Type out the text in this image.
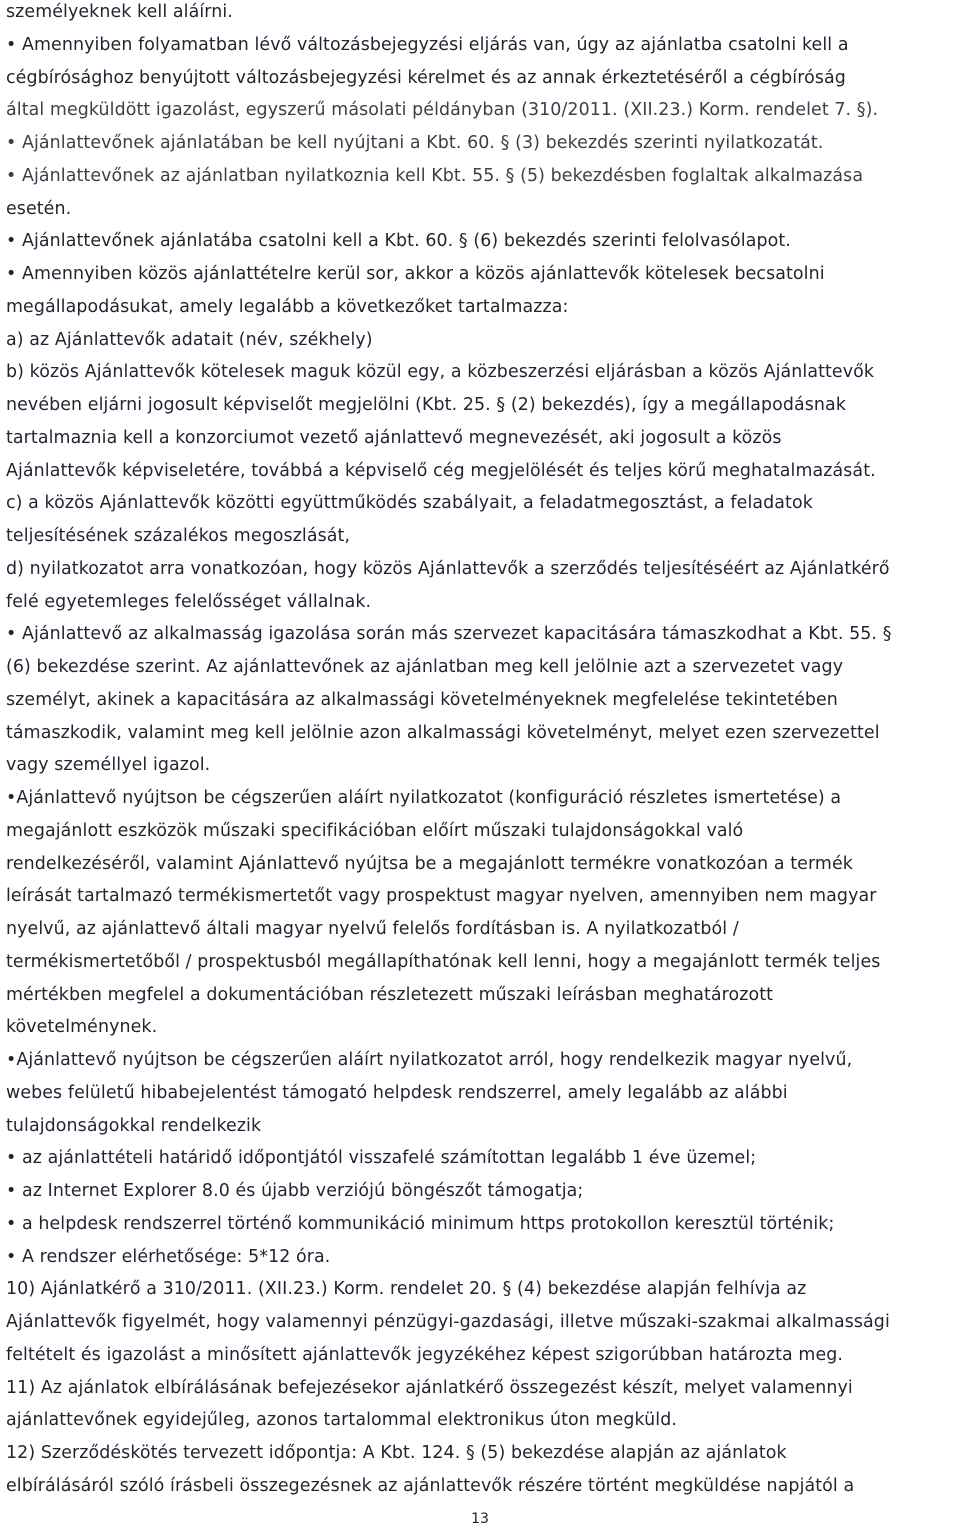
személyeknek kell aláírni.
• Amennyiben folyamatban lévő változásbejegyzési eljárás van, úgy az ajánlatba csatolni kell a
cégbírósághoz benyújtott változásbejegyzési kérelmet és az annak érkeztetéséről a cégbíróság
által megküldött igazolást, egyszerű másolati példányban (310/2011. (XII.23.) Korm. rendelet 7. §).
• Ajánlattevőnek ajánlatában be kell nyújtani a Kbt. 60. § (3) bekezdés szerinti nyilatkozatát.
• Ajánlattevőnek az ajánlatban nyilatkoznia kell Kbt. 55. § (5) bekezdésben foglaltak alkalmazása
esetén.
• Ajánlattevőnek ajánlatába csatolni kell a Kbt. 60. § (6) bekezdés szerinti felolvasólapot.
• Amennyiben közös ajánlattételre kerül sor, akkor a közös ajánlattevők kötelesek becsatolni
megállapodásukat, amely legalább a következőket tartalmazza:
a) az Ajánlattevők adatait (név, székhely)
b) közös Ajánlattevők kötelesek maguk közül egy, a közbeszerzési eljárásban a közös Ajánlattevők
nevében eljárni jogosult képviselőt megjelölni (Kbt. 25. § (2) bekezdés), így a megállapodásnak
tartalmaznia kell a konzorciumot vezető ajánlattevő megnevezését, aki jogosult a közös
Ajánlattevők képviseletére, továbbá a képviselő cég megjelölését és teljes körű meghatalmazását.
c) a közös Ajánlattevők közötti együttműködés szabályait, a feladatmegosztást, a feladatok
teljesítésének százalékos megoszlását,
d) nyilatkozatot arra vonatkozóan, hogy közös Ajánlattevők a szerződés teljesítéséért az Ajánlatkérő
felé egyetemleges felelősséget vállalnak.
• Ajánlattevő az alkalmasság igazolása során más szervezet kapacitására támaszkodhat a Kbt. 55. §
(6) bekezdése szerint. Az ajánlattevőnek az ajánlatban meg kell jelölnie azt a szervezetet vagy
személyt, akinek a kapacitására az alkalmassági követelményeknek megfelelése tekintetében
támaszkodik, valamint meg kell jelölnie azon alkalmassági követelményt, melyet ezen szervezettel
vagy személlyel igazol.
•Ajánlattevő nyújtson be cégszerűen aláírt nyilatkozatot (konfiguráció részletes ismertetése) a
megajánlott eszközök műszaki specifikációban előírt műszaki tulajdonságokkal való
rendelkezéséről, valamint Ajánlattevő nyújtsa be a megajánlott termékre vonatkozóan a termék
leírását tartalmazó termékismertetőt vagy prospektust magyar nyelven, amennyiben nem magyar
nyelvű, az ajánlattevő általi magyar nyelvű felelős fordításban is. A nyilatkozatból /
termékismertetőből / prospektusból megállapíthatónak kell lenni, hogy a megajánlott termék teljes
mértékben megfelel a dokumentációban részletezett műszaki leírásban meghatározott
követelménynek.
•Ajánlattevő nyújtson be cégszerűen aláírt nyilatkozatot arról, hogy rendelkezik magyar nyelvű,
webes felületű hibabejelentést támogató helpdesk rendszerrel, amely legalább az alábbi
tulajdonságokkal rendelkezik
• az ajánlattételi határidő időpontjától visszafelé számítottan legalább 1 éve üzemel;
• az Internet Explorer 8.0 és újabb verziójú böngészőt támogatja;
• a helpdesk rendszerrel történő kommunikáció minimum https protokollon keresztül történik;
• A rendszer elérhetősége: 5*12 óra.
10) Ajánlatkérő a 310/2011. (XII.23.) Korm. rendelet 20. § (4) bekezdése alapján felhívja az
Ajánlattevők figyelmét, hogy valamennyi pénzügyi-gazdasági, illetve műszaki-szakmai alkalmassági
feltételt és igazolást a minősített ajánlattevők jegyzékéhez képest szigorúbban határozta meg.
11) Az ajánlatok elbírálásának befejezésekor ajánlatkérő összegezést készít, melyet valamennyi
ajánlattevőnek egyidejűleg, azonos tartalommal elektronikus úton megküld.
12) Szerződéskötés tervezett időpontja: A Kbt. 124. § (5) bekezdése alapján az ajánlatok
elbírálásáról szóló írásbeli összegezésnek az ajánlattevők részére történt megküldése napjától a
13
